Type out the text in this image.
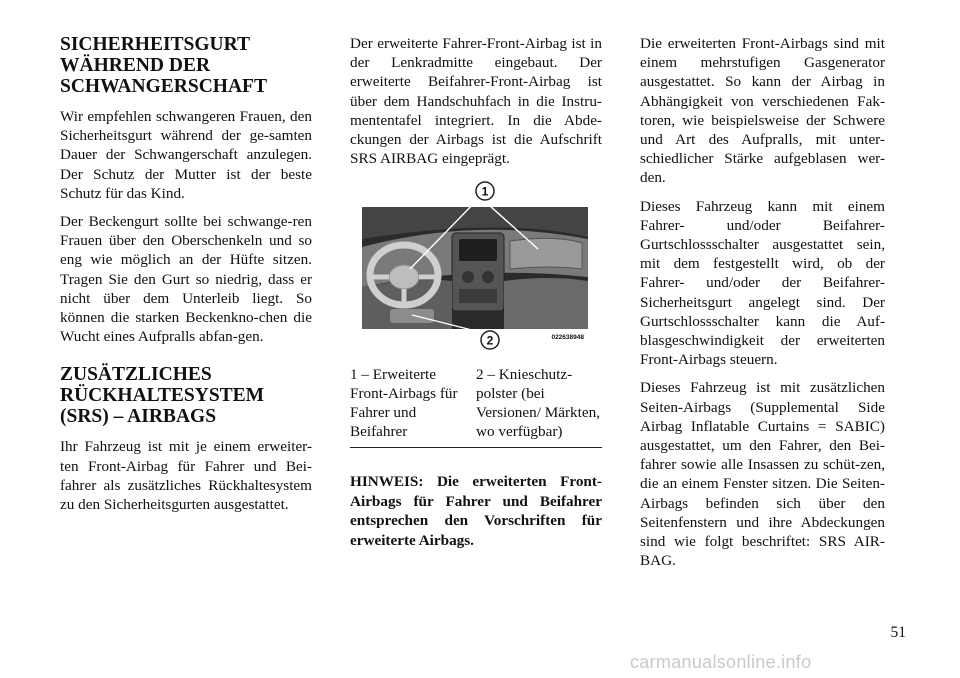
SICHERHEITSGURT
WÄHREND DER
SCHWANGERSCHAFT

Wir empfehlen schwangeren Frauen, den Sicherheitsgurt während der ge-samten Dauer der Schwangerschaft anzulegen. Der Schutz der Mutter ist der beste Schutz für das Kind.

Der Beckengurt sollte bei schwange-ren Frauen über den Oberschenkeln und so eng wie möglich an der Hüfte sitzen. Tragen Sie den Gurt so niedrig, dass er nicht über dem Unterleib liegt. So können die starken Beckenkno-chen die Wucht eines Aufpralls abfan-gen.

ZUSÄTZLICHES
RÜCKHALTESYSTEM
(SRS) – AIRBAGS

Ihr Fahrzeug ist mit je einem erweiter-ten Front-Airbag für Fahrer und Bei-fahrer als zusätzliches Rückhaltesystem zu den Sicherheitsgurten ausgestattet.

Der erweiterte Fahrer-Front-Airbag ist in der Lenkradmitte eingebaut. Der erweiterte Beifahrer-Front-Airbag ist über dem Handschuhfach in die Instru-mententafel integriert. In die Abde-ckungen der Airbags ist die Aufschrift SRS AIRBAG eingeprägt.

1
2	022638948
1 – Erweiterte Front-Airbags für Fahrer und Beifahrer
2 – Knieschutz-polster (bei Versionen/ Märkten, wo verfügbar)

HINWEIS: Die erweiterten Front-Airbags für Fahrer und Beifahrer entsprechen den Vorschriften für erweiterte Airbags.

Die erweiterten Front-Airbags sind mit einem mehrstufigen Gasgenerator ausgestattet. So kann der Airbag in Abhängigkeit von verschiedenen Fak-toren, wie beispielsweise der Schwere und Art des Aufpralls, mit unter-schiedlicher Stärke aufgeblasen wer-den.

Dieses Fahrzeug kann mit einem Fahrer- und/oder Beifahrer-Gurtschlossschalter ausgestattet sein, mit dem festgestellt wird, ob der Fahrer- und/oder der Beifahrer-Sicherheitsgurt angelegt sind. Der Gurtschlossschalter kann die Auf-blasgeschwindigkeit der erweiterten Front-Airbags steuern.

Dieses Fahrzeug ist mit zusätzlichen Seiten-Airbags (Supplemental Side Airbag Inflatable Curtains = SABIC) ausgestattet, um den Fahrer, den Bei-fahrer sowie alle Insassen zu schüt-zen, die an einem Fenster sitzen. Die Seiten-Airbags befinden sich über den Seitenfenstern und ihre Abdeckungen sind wie folgt beschriftet: SRS AIR-BAG.

51
carmanualsonline.info
